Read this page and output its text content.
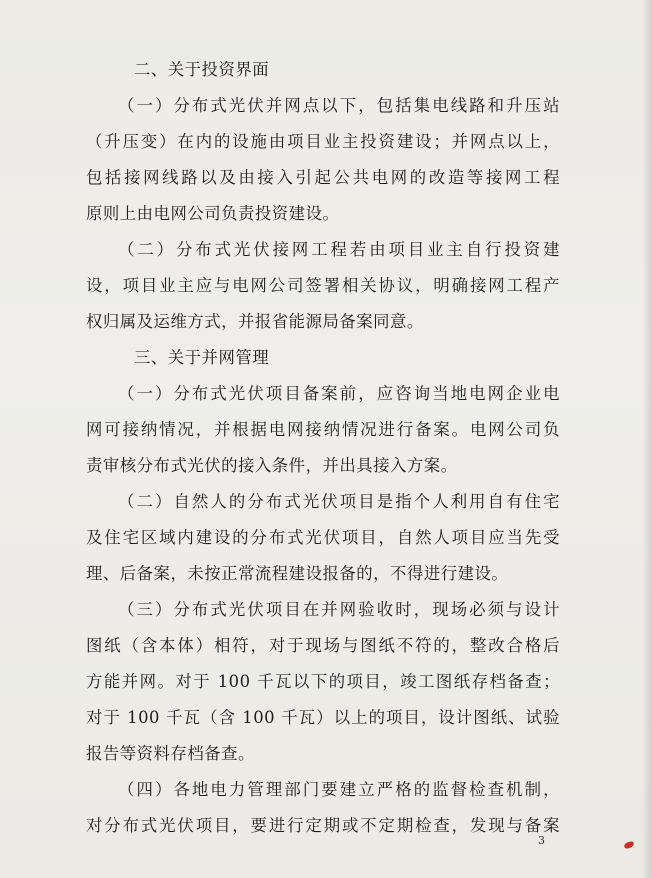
二、关于投资界面
（一）分布式光伏并网点以下，包括集电线路和升压站
（升压变）在内的设施由项目业主投资建设；并网点以上，
包括接网线路以及由接入引起公共电网的改造等接网工程
原则上由电网公司负责投资建设。
（二）分布式光伏接网工程若由项目业主自行投资建
设，项目业主应与电网公司签署相关协议，明确接网工程产
权归属及运维方式，并报省能源局备案同意。
三、关于并网管理
（一）分布式光伏项目备案前，应咨询当地电网企业电
网可接纳情况，并根据电网接纳情况进行备案。电网公司负
责审核分布式光伏的接入条件，并出具接入方案。
（二）自然人的分布式光伏项目是指个人利用自有住宅
及住宅区域内建设的分布式光伏项目，自然人项目应当先受
理、后备案，未按正常流程建设报备的，不得进行建设。
（三）分布式光伏项目在并网验收时，现场必须与设计
图纸（含本体）相符，对于现场与图纸不符的，整改合格后
方能并网。对于 100 千瓦以下的项目，竣工图纸存档备查；
对于 100 千瓦（含 100 千瓦）以上的项目，设计图纸、试验
报告等资料存档备查。
（四）各地电力管理部门要建立严格的监督检查机制，
对分布式光伏项目，要进行定期或不定期检查，发现与备案
3
